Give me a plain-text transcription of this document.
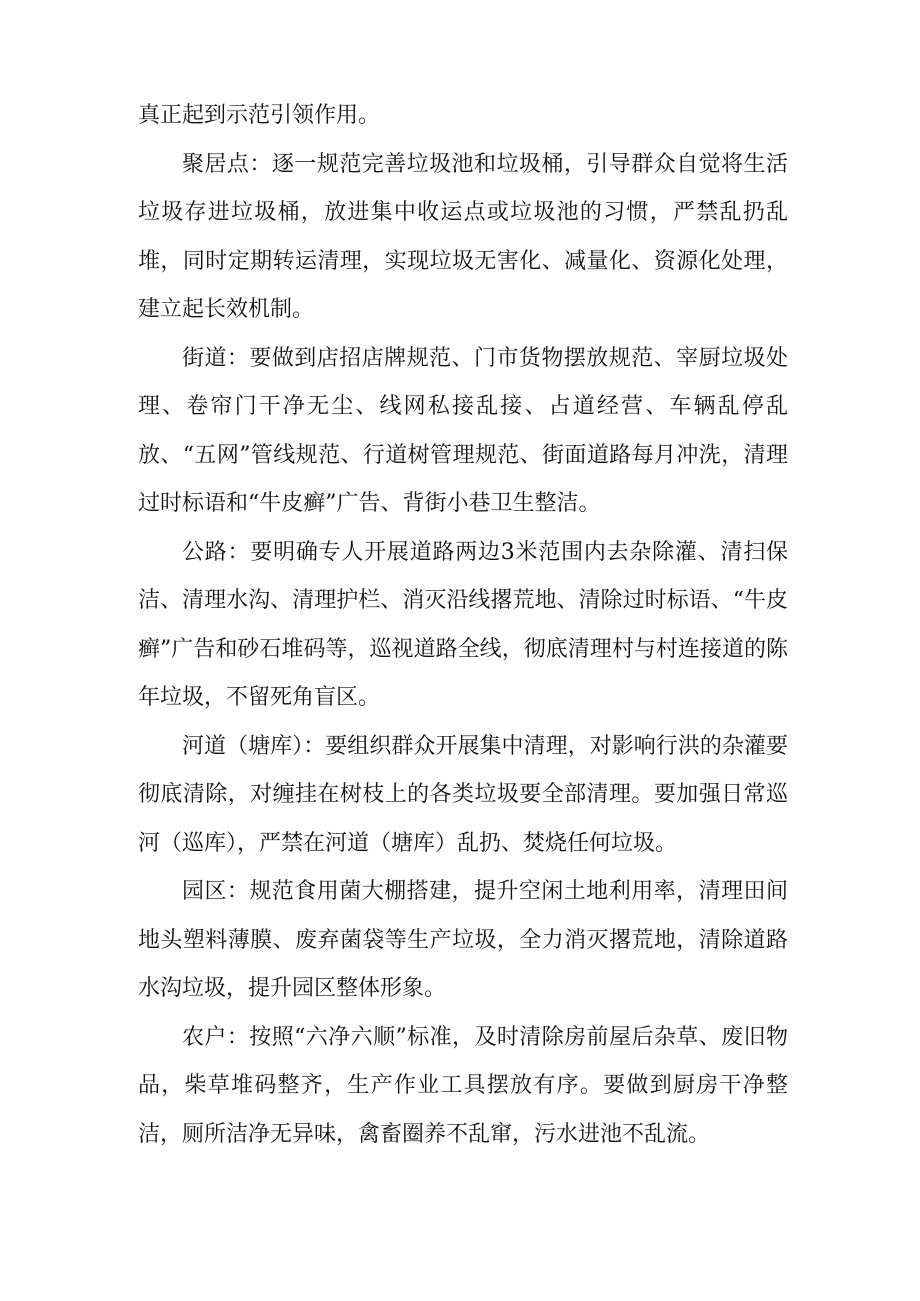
真正起到示范引领作用。

聚居点：逐一规范完善垃圾池和垃圾桶，引导群众自觉将生活垃圾存进垃圾桶，放进集中收运点或垃圾池的习惯，严禁乱扔乱堆，同时定期转运清理，实现垃圾无害化、减量化、资源化处理，建立起长效机制。

街道：要做到店招店牌规范、门市货物摆放规范、宰厨垃圾处理、卷帘门干净无尘、线网私接乱接、占道经营、车辆乱停乱放、“五网”管线规范、行道树管理规范、街面道路每月冲洗，清理过时标语和“牛皮癣”广告、背街小巷卫生整洁。

公路：要明确专人开展道路两边3米范围内去杂除灌、清扫保洁、清理水沟、清理护栏、消灭沿线撂荒地、清除过时标语、“牛皮癣”广告和砂石堆码等，巡视道路全线，彻底清理村与村连接道的陈年垃圾，不留死角盲区。

河道（塘库）：要组织群众开展集中清理，对影响行洪的杂灌要彻底清除，对缠挂在树枝上的各类垃圾要全部清理。要加强日常巡河（巡库），严禁在河道（塘库）乱扔、焚烧任何垃圾。

园区：规范食用菌大棚搭建，提升空闲土地利用率，清理田间地头塑料薄膜、废弃菌袋等生产垃圾，全力消灭撂荒地，清除道路水沟垃圾，提升园区整体形象。

农户：按照“六净六顺”标准，及时清除房前屋后杂草、废旧物品，柴草堆码整齐，生产作业工具摆放有序。要做到厨房干净整洁，厕所洁净无异味，禽畜圈养不乱窜，污水进池不乱流。
